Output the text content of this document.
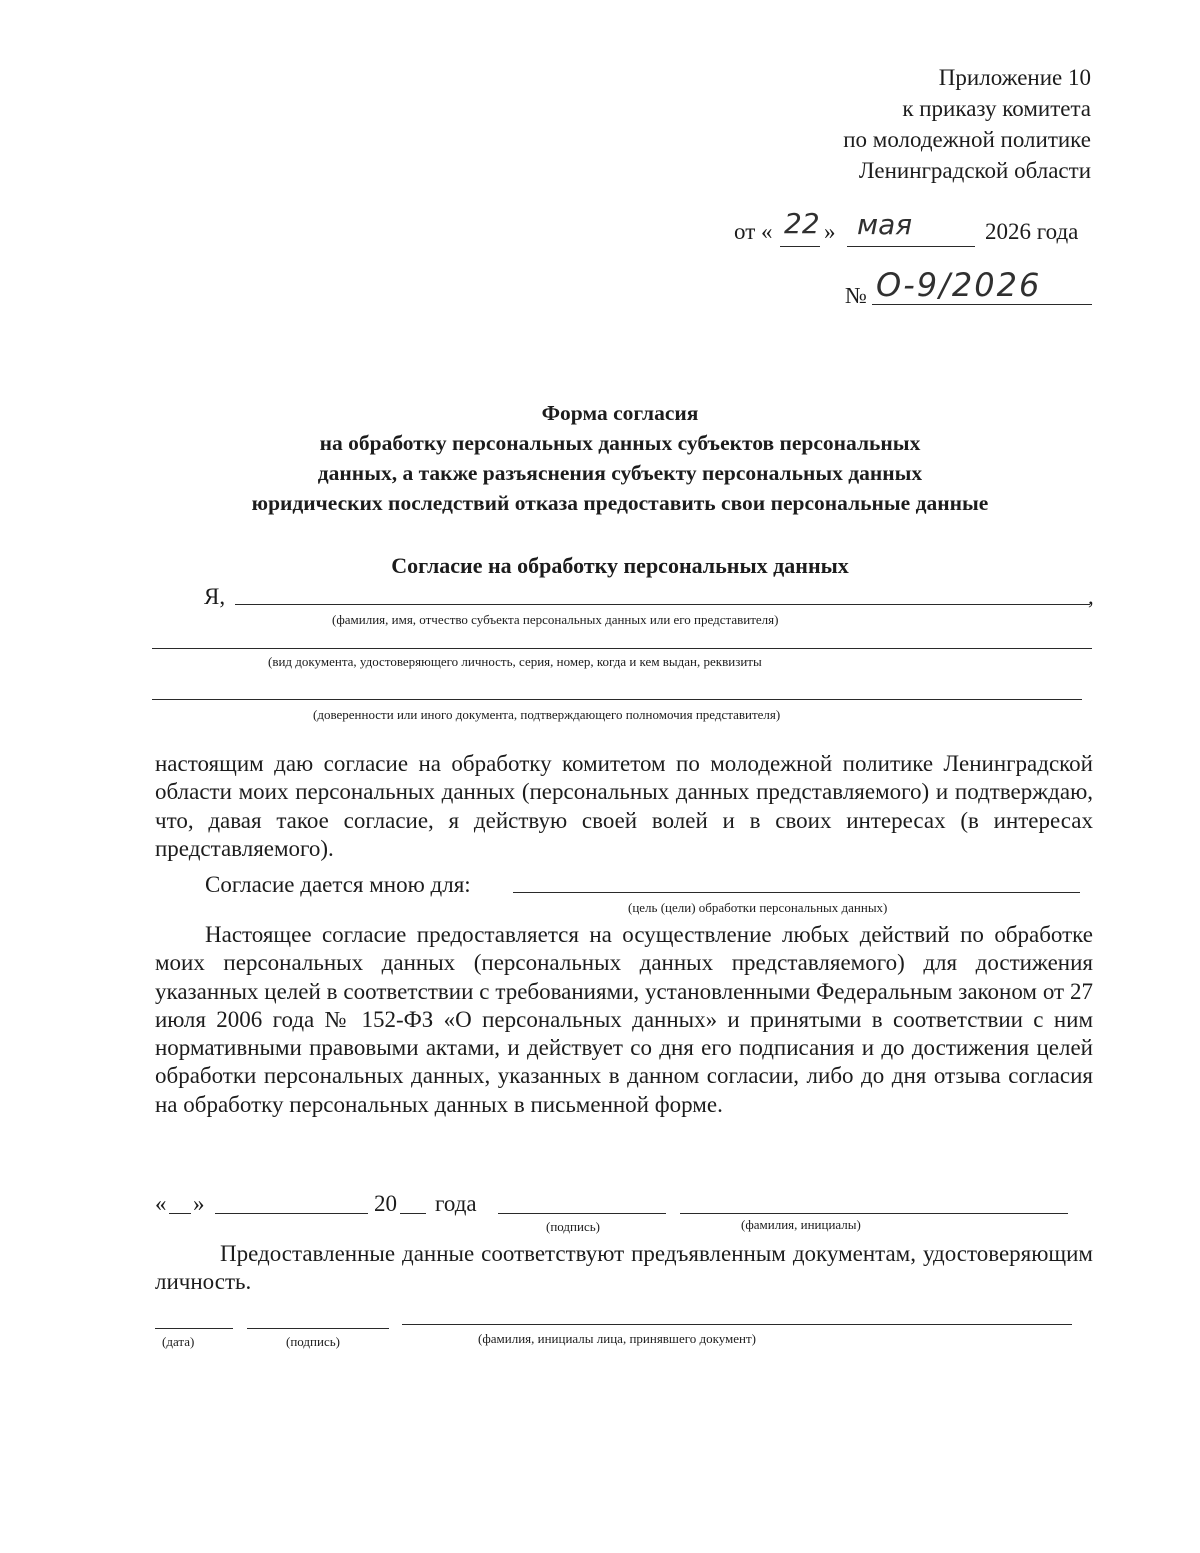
Приложение 10
к приказу комитета
по молодежной политике
Ленинградской области
от « 22 » мая	2026 года
№ О-9/2026
Форма согласия
на обработку персональных данных субъектов персональных
данных, а также разъяснения субъекту персональных данных
юридических последствий отказа предоставить свои персональные данные
Согласие на обработку персональных данных
Я,	,
(фамилия, имя, отчество субъекта персональных данных или его представителя)
(вид документа, удостоверяющего личность, серия, номер, когда и кем выдан, реквизиты
(доверенности или иного документа, подтверждающего полномочия представителя)

настоящим даю согласие на обработку комитетом по молодежной политике Ленинградской области моих персональных данных (персональных данных представляемого) и подтверждаю, что, давая такое согласие, я действую своей волей и в своих интересах (в интересах представляемого).

Согласие дается мною для:
(цель (цели) обработки персональных данных)

Настоящее согласие предоставляется на осуществление любых действий по обработке моих персональных данных (персональных данных представляемого) для достижения указанных целей в соответствии с требованиями, установленными Федеральным законом от 27 июля 2006 года № 152-ФЗ «О персональных данных» и принятыми в соответствии с ним нормативными правовыми актами, и действует со дня его подписания и до достижения целей обработки персональных данных, указанных в данном согласии, либо до дня отзыва согласия на обработку персональных данных в письменной форме.

« »	20 года
(подпись)	(фамилия, инициалы)

Предоставленные данные соответствуют предъявленным документам, удостоверяющим личность.

(дата)	(подпись)	(фамилия, инициалы лица, принявшего документ)
